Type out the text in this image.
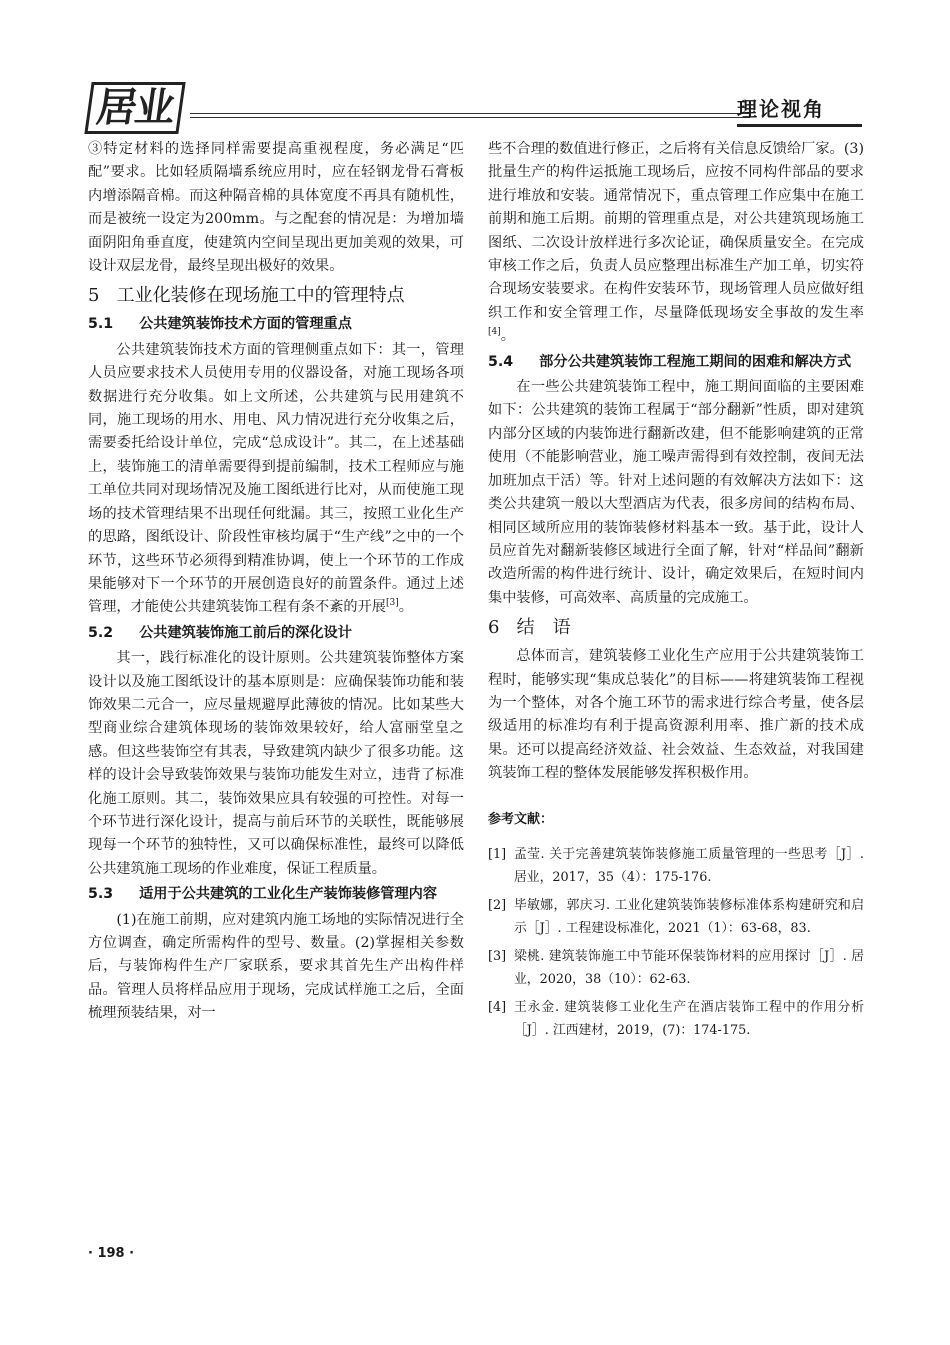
居业	理论视角

③特定材料的选择同样需要提高重视程度，务必满足“匹配”要求。比如轻质隔墙系统应用时，应在轻钢龙骨石膏板内增添隔音棉。而这种隔音棉的具体宽度不再具有随机性，而是被统一设定为200mm。与之配套的情况是：为增加墙面阴阳角垂直度，使建筑内空间呈现出更加美观的效果，可设计双层龙骨，最终呈现出极好的效果。

5 工业化装修在现场施工中的管理特点
5.1 公共建筑装饰技术方面的管理重点

公共建筑装饰技术方面的管理侧重点如下：其一，管理人员应要求技术人员使用专用的仪器设备，对施工现场各项数据进行充分收集。如上文所述，公共建筑与民用建筑不同，施工现场的用水、用电、风力情况进行充分收集之后，需要委托给设计单位，完成“总成设计”。其二，在上述基础上，装饰施工的清单需要得到提前编制，技术工程师应与施工单位共同对现场情况及施工图纸进行比对，从而使施工现场的技术管理结果不出现任何纰漏。其三，按照工业化生产的思路，图纸设计、阶段性审核均属于“生产线”之中的一个环节，这些环节必须得到精准协调，使上一个环节的工作成果能够对下一个环节的开展创造良好的前置条件。通过上述管理，才能使公共建筑装饰工程有条不紊的开展[3]。

5.2 公共建筑装饰施工前后的深化设计

其一，践行标准化的设计原则。公共建筑装饰整体方案设计以及施工图纸设计的基本原则是：应确保装饰功能和装饰效果二元合一，应尽量规避厚此薄彼的情况。比如某些大型商业综合建筑体现场的装饰效果较好，给人富丽堂皇之感。但这些装饰空有其表，导致建筑内缺少了很多功能。这样的设计会导致装饰效果与装饰功能发生对立，违背了标准化施工原则。其二，装饰效果应具有较强的可控性。对每一个环节进行深化设计，提高与前后环节的关联性，既能够展现每一个环节的独特性，又可以确保标准性，最终可以降低公共建筑施工现场的作业难度，保证工程质量。

5.3 适用于公共建筑的工业化生产装饰装修管理内容

(1)在施工前期，应对建筑内施工场地的实际情况进行全方位调查，确定所需构件的型号、数量。(2)掌握相关参数后，与装饰构件生产厂家联系，要求其首先生产出构件样品。管理人员将样品应用于现场，完成试样施工之后，全面梳理预装结果，对一

些不合理的数值进行修正，之后将有关信息反馈给厂家。(3)批量生产的构件运抵施工现场后，应按不同构件部品的要求进行堆放和安装。通常情况下，重点管理工作应集中在施工前期和施工后期。前期的管理重点是，对公共建筑现场施工图纸、二次设计放样进行多次论证，确保质量安全。在完成审核工作之后，负责人员应整理出标准生产加工单，切实符合现场安装要求。在构件安装环节，现场管理人员应做好组织工作和安全管理工作，尽量降低现场安全事故的发生率[4]。

5.4 部分公共建筑装饰工程施工期间的困难和解决方式

在一些公共建筑装饰工程中，施工期间面临的主要困难如下：公共建筑的装饰工程属于“部分翻新”性质，即对建筑内部分区域的内装饰进行翻新改建，但不能影响建筑的正常使用（不能影响营业，施工噪声需得到有效控制，夜间无法加班加点干活）等。针对上述问题的有效解决方法如下：这类公共建筑一般以大型酒店为代表，很多房间的结构布局、相同区域所应用的装饰装修材料基本一致。基于此，设计人员应首先对翻新装修区域进行全面了解，针对“样品间”翻新改造所需的构件进行统计、设计，确定效果后，在短时间内集中装修，可高效率、高质量的完成施工。

6 结　语

总体而言，建筑装修工业化生产应用于公共建筑装饰工程时，能够实现“集成总装化”的目标——将建筑装饰工程视为一个整体，对各个施工环节的需求进行综合考量，使各层级适用的标准均有利于提高资源利用率、推广新的技术成果。还可以提高经济效益、社会效益、生态效益，对我国建筑装饰工程的整体发展能够发挥积极作用。

参考文献：
[1] 孟莹. 关于完善建筑装饰装修施工质量管理的一些思考［J］. 居业，2017，35（4）：175-176.
[2] 毕敏娜，郭庆习. 工业化建筑装饰装修标准体系构建研究和启示［J］. 工程建设标准化，2021（1）：63-68，83.
[3] 梁桃. 建筑装饰施工中节能环保装饰材料的应用探讨［J］. 居业，2020，38（10）：62-63.
[4] 王永金. 建筑装修工业化生产在酒店装饰工程中的作用分析［J］. 江西建材，2019，(7)：174-175.
· 198 ·
